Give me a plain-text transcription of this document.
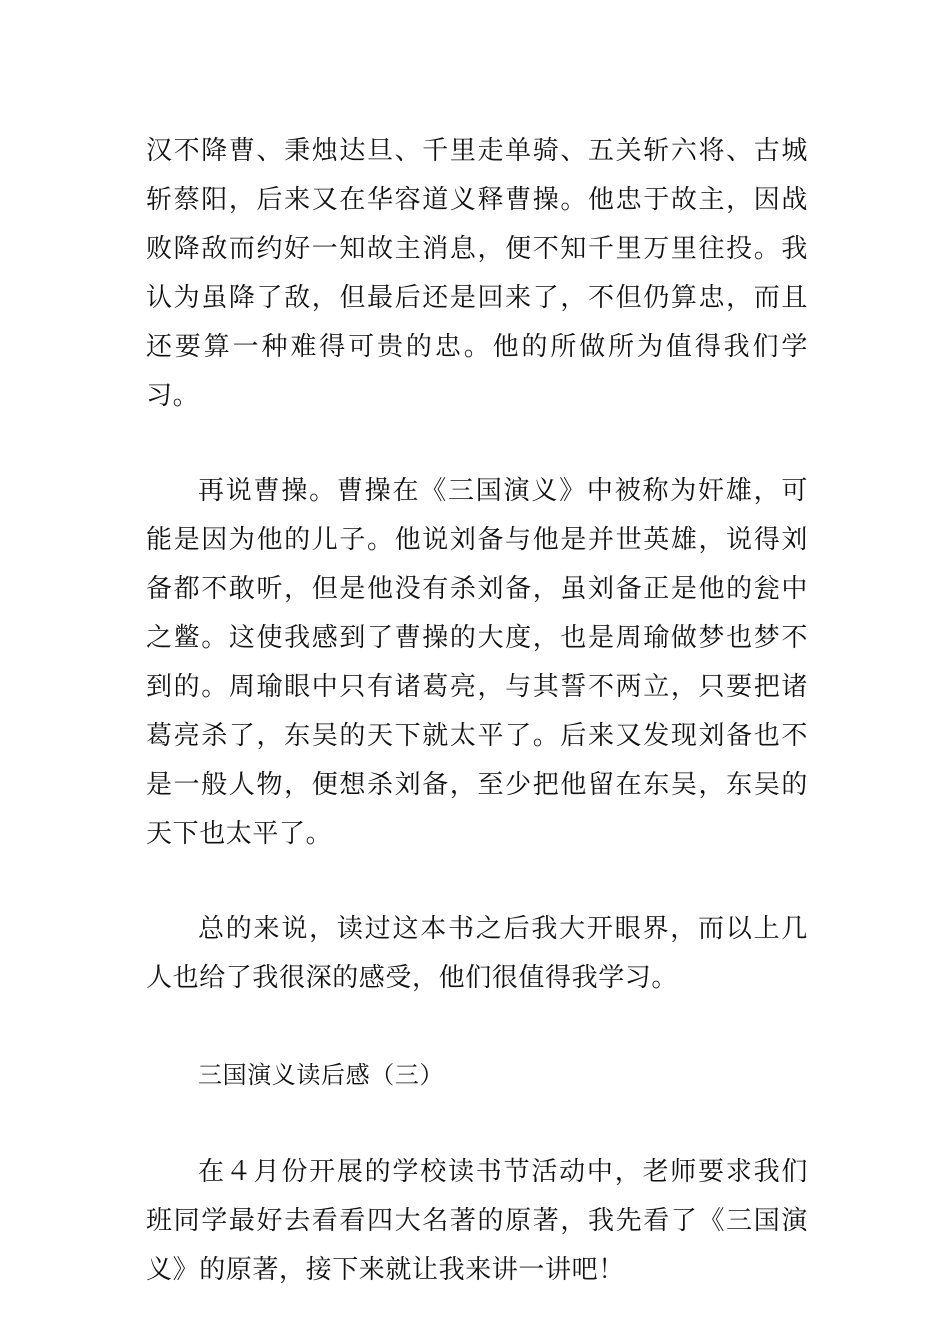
汉不降曹、秉烛达旦、千里走单骑、五关斩六将、古城斩蔡阳，后来又在华容道义释曹操。他忠于故主，因战败降敌而约好一知故主消息，便不知千里万里往投。我认为虽降了敌，但最后还是回来了，不但仍算忠，而且还要算一种难得可贵的忠。他的所做所为值得我们学习。

再说曹操。曹操在《三国演义》中被称为奸雄，可能是因为他的儿子。他说刘备与他是并世英雄，说得刘备都不敢听，但是他没有杀刘备，虽刘备正是他的瓮中之鳖。这使我感到了曹操的大度，也是周瑜做梦也梦不到的。周瑜眼中只有诸葛亮，与其誓不两立，只要把诸葛亮杀了，东吴的天下就太平了。后来又发现刘备也不是一般人物，便想杀刘备，至少把他留在东吴，东吴的天下也太平了。

总的来说，读过这本书之后我大开眼界，而以上几人也给了我很深的感受，他们很值得我学习。

三国演义读后感（三）

在４月份开展的学校读书节活动中，老师要求我们班同学最好去看看四大名著的原著，我先看了《三国演义》的原著，接下来就让我来讲一讲吧！
